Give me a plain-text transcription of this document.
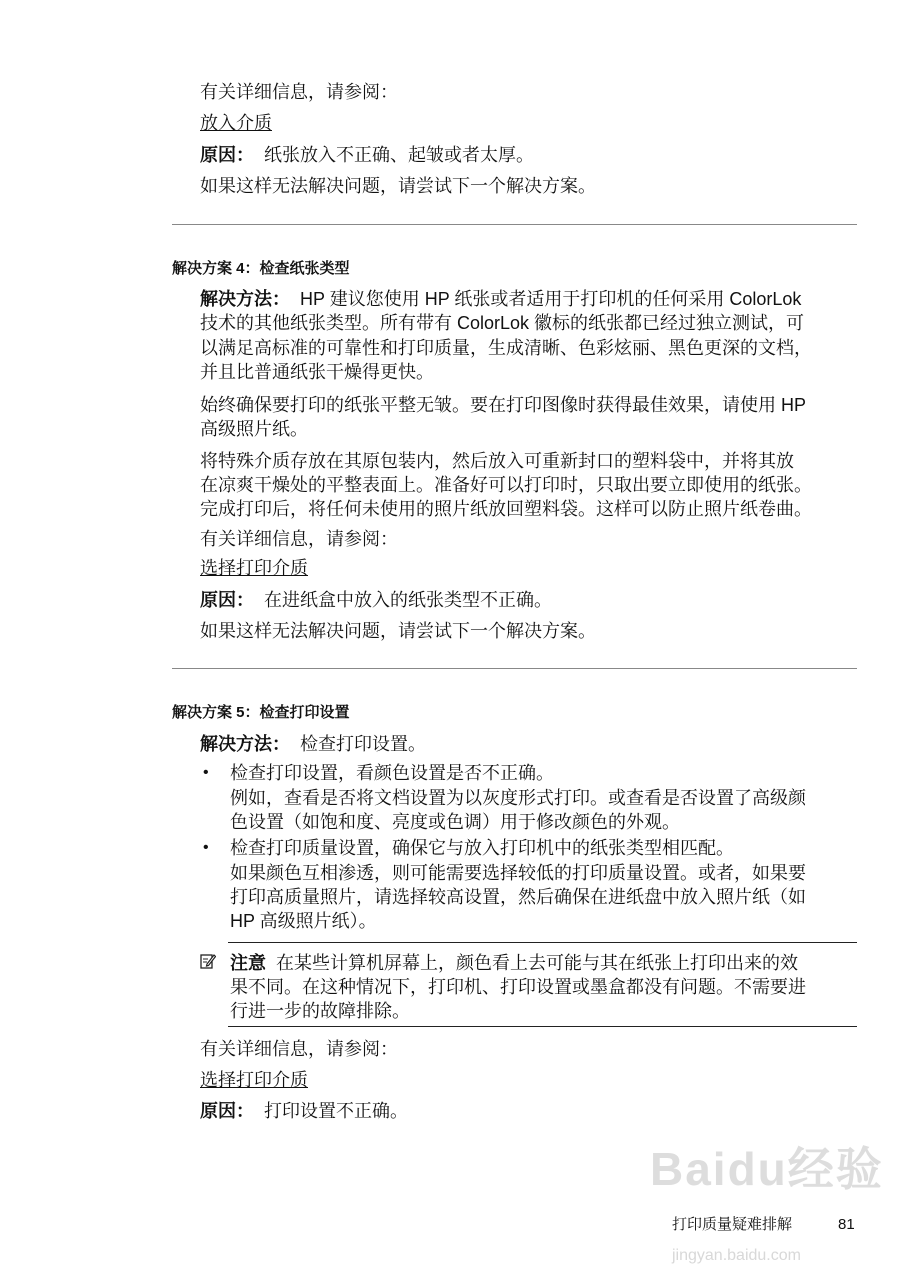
有关详细信息，请参阅：
放入介质
原因： 纸张放入不正确、起皱或者太厚。
如果这样无法解决问题，请尝试下一个解决方案。
解决方案 4：检查纸张类型
解决方法： HP 建议您使用 HP 纸张或者适用于打印机的任何采用 ColorLok
技术的其他纸张类型。所有带有 ColorLok 徽标的纸张都已经过独立测试，可
以满足高标准的可靠性和打印质量，生成清晰、色彩炫丽、黑色更深的文档，
并且比普通纸张干燥得更快。
始终确保要打印的纸张平整无皱。要在打印图像时获得最佳效果，请使用 HP
高级照片纸。
将特殊介质存放在其原包装内，然后放入可重新封口的塑料袋中，并将其放
在凉爽干燥处的平整表面上。准备好可以打印时，只取出要立即使用的纸张。
完成打印后，将任何未使用的照片纸放回塑料袋。这样可以防止照片纸卷曲。
有关详细信息，请参阅：
选择打印介质
原因： 在进纸盒中放入的纸张类型不正确。
如果这样无法解决问题，请尝试下一个解决方案。
解决方案 5：检查打印设置
解决方法： 检查打印设置。
• 检查打印设置，看颜色设置是否不正确。
例如，查看是否将文档设置为以灰度形式打印。或查看是否设置了高级颜
色设置（如饱和度、亮度或色调）用于修改颜色的外观。
• 检查打印质量设置，确保它与放入打印机中的纸张类型相匹配。
如果颜色互相渗透，则可能需要选择较低的打印质量设置。或者，如果要
打印高质量照片，请选择较高设置，然后确保在进纸盘中放入照片纸（如
HP 高级照片纸）。
注意 在某些计算机屏幕上，颜色看上去可能与其在纸张上打印出来的效
果不同。在这种情况下，打印机、打印设置或墨盒都没有问题。不需要进
行进一步的故障排除。
有关详细信息，请参阅：
选择打印介质
原因： 打印设置不正确。
Baidu经验
打印质量疑难排解	81
jingyan.baidu.com
